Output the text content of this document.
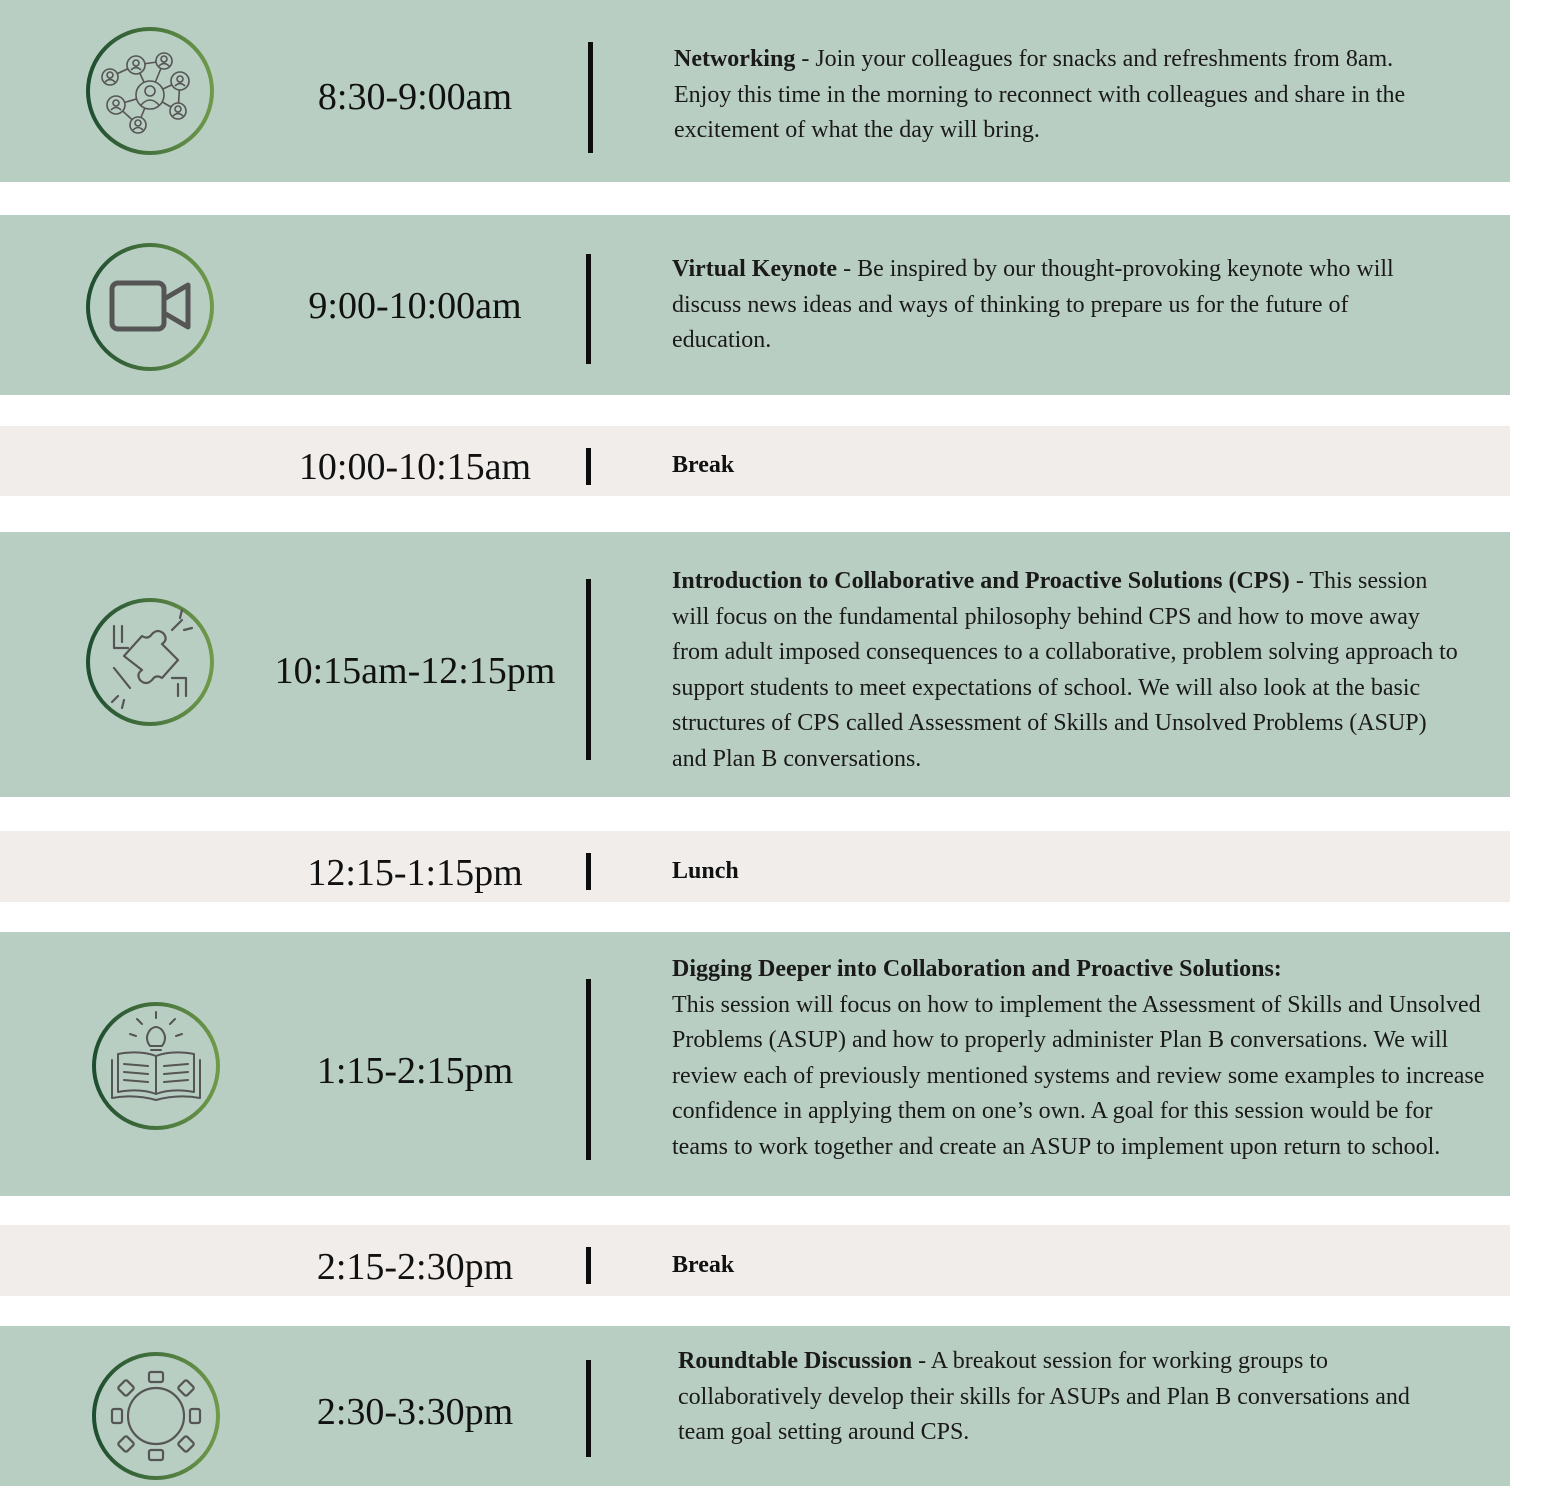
8:30-9:00am
Networking - Join your colleagues for snacks and refreshments from 8am.
Enjoy this time in the morning to reconnect with colleagues and share in the
excitement of what the day will bring.
9:00-10:00am
Virtual Keynote - Be inspired by our thought-provoking keynote who will
discuss news ideas and ways of thinking to prepare us for the future of
education.
10:00-10:15am	Break
10:15am-12:15pm
Introduction to Collaborative and Proactive Solutions (CPS) - This session
will focus on the fundamental philosophy behind CPS and how to move away
from adult imposed consequences to a collaborative, problem solving approach to
support students to meet expectations of school. We will also look at the basic
structures of CPS called Assessment of Skills and Unsolved Problems (ASUP)
and Plan B conversations.
12:15-1:15pm	Lunch
1:15-2:15pm
Digging Deeper into Collaboration and Proactive Solutions:
This session will focus on how to implement the Assessment of Skills and Unsolved
Problems (ASUP) and how to properly administer Plan B conversations. We will
review each of previously mentioned systems and review some examples to increase
confidence in applying them on one’s own. A goal for this session would be for
teams to work together and create an ASUP to implement upon return to school.
2:15-2:30pm	Break
2:30-3:30pm
Roundtable Discussion - A breakout session for working groups to
collaboratively develop their skills for ASUPs and Plan B conversations and
team goal setting around CPS.
